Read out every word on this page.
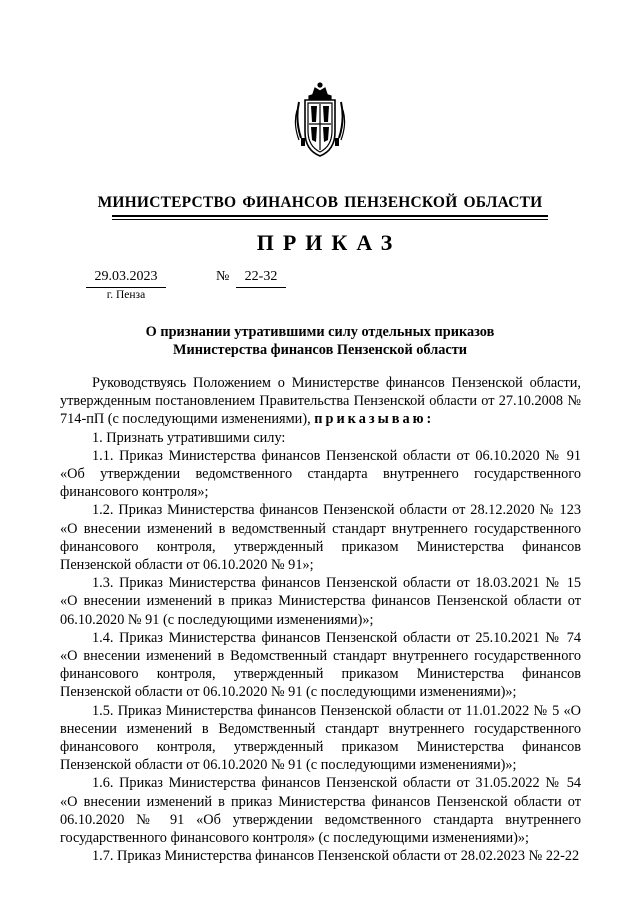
МИНИСТЕРСТВО ФИНАНСОВ ПЕНЗЕНСКОЙ ОБЛАСТИ
ПРИКАЗ
29.03.2023	№	22-32
г. Пенза
О признании утратившими силу отдельных приказов
Министерства финансов Пензенской области

Руководствуясь Положением о Министерстве финансов Пензенской области, утвержденным постановлением Правительства Пензенской области от 27.10.2008 № 714-пП (с последующими изменениями), приказываю:

1. Признать утратившими силу:

1.1. Приказ Министерства финансов Пензенской области от 06.10.2020 № 91 «Об утверждении ведомственного стандарта внутреннего государственного финансового контроля»;

1.2. Приказ Министерства финансов Пензенской области от 28.12.2020 № 123 «О внесении изменений в ведомственный стандарт внутреннего государственного финансового контроля, утвержденный приказом Министерства финансов Пензенской области от 06.10.2020 № 91»;

1.3. Приказ Министерства финансов Пензенской области от 18.03.2021 № 15 «О внесении изменений в приказ Министерства финансов Пензенской области от 06.10.2020 № 91 (с последующими изменениями)»;

1.4. Приказ Министерства финансов Пензенской области от 25.10.2021 № 74 «О внесении изменений в Ведомственный стандарт внутреннего государственного финансового контроля, утвержденный приказом Министерства финансов Пензенской области от 06.10.2020 № 91 (с последующими изменениями)»;

1.5. Приказ Министерства финансов Пензенской области от 11.01.2022 № 5 «О внесении изменений в Ведомственный стандарт внутреннего государственного финансового контроля, утвержденный приказом Министерства финансов Пензенской области от 06.10.2020 № 91 (с последующими изменениями)»;

1.6. Приказ Министерства финансов Пензенской области от 31.05.2022 № 54 «О внесении изменений в приказ Министерства финансов Пензенской области от 06.10.2020 № 91 «Об утверждении ведомственного стандарта внутреннего государственного финансового контроля» (с последующими изменениями)»;

1.7. Приказ Министерства финансов Пензенской области от 28.02.2023 № 22-22
